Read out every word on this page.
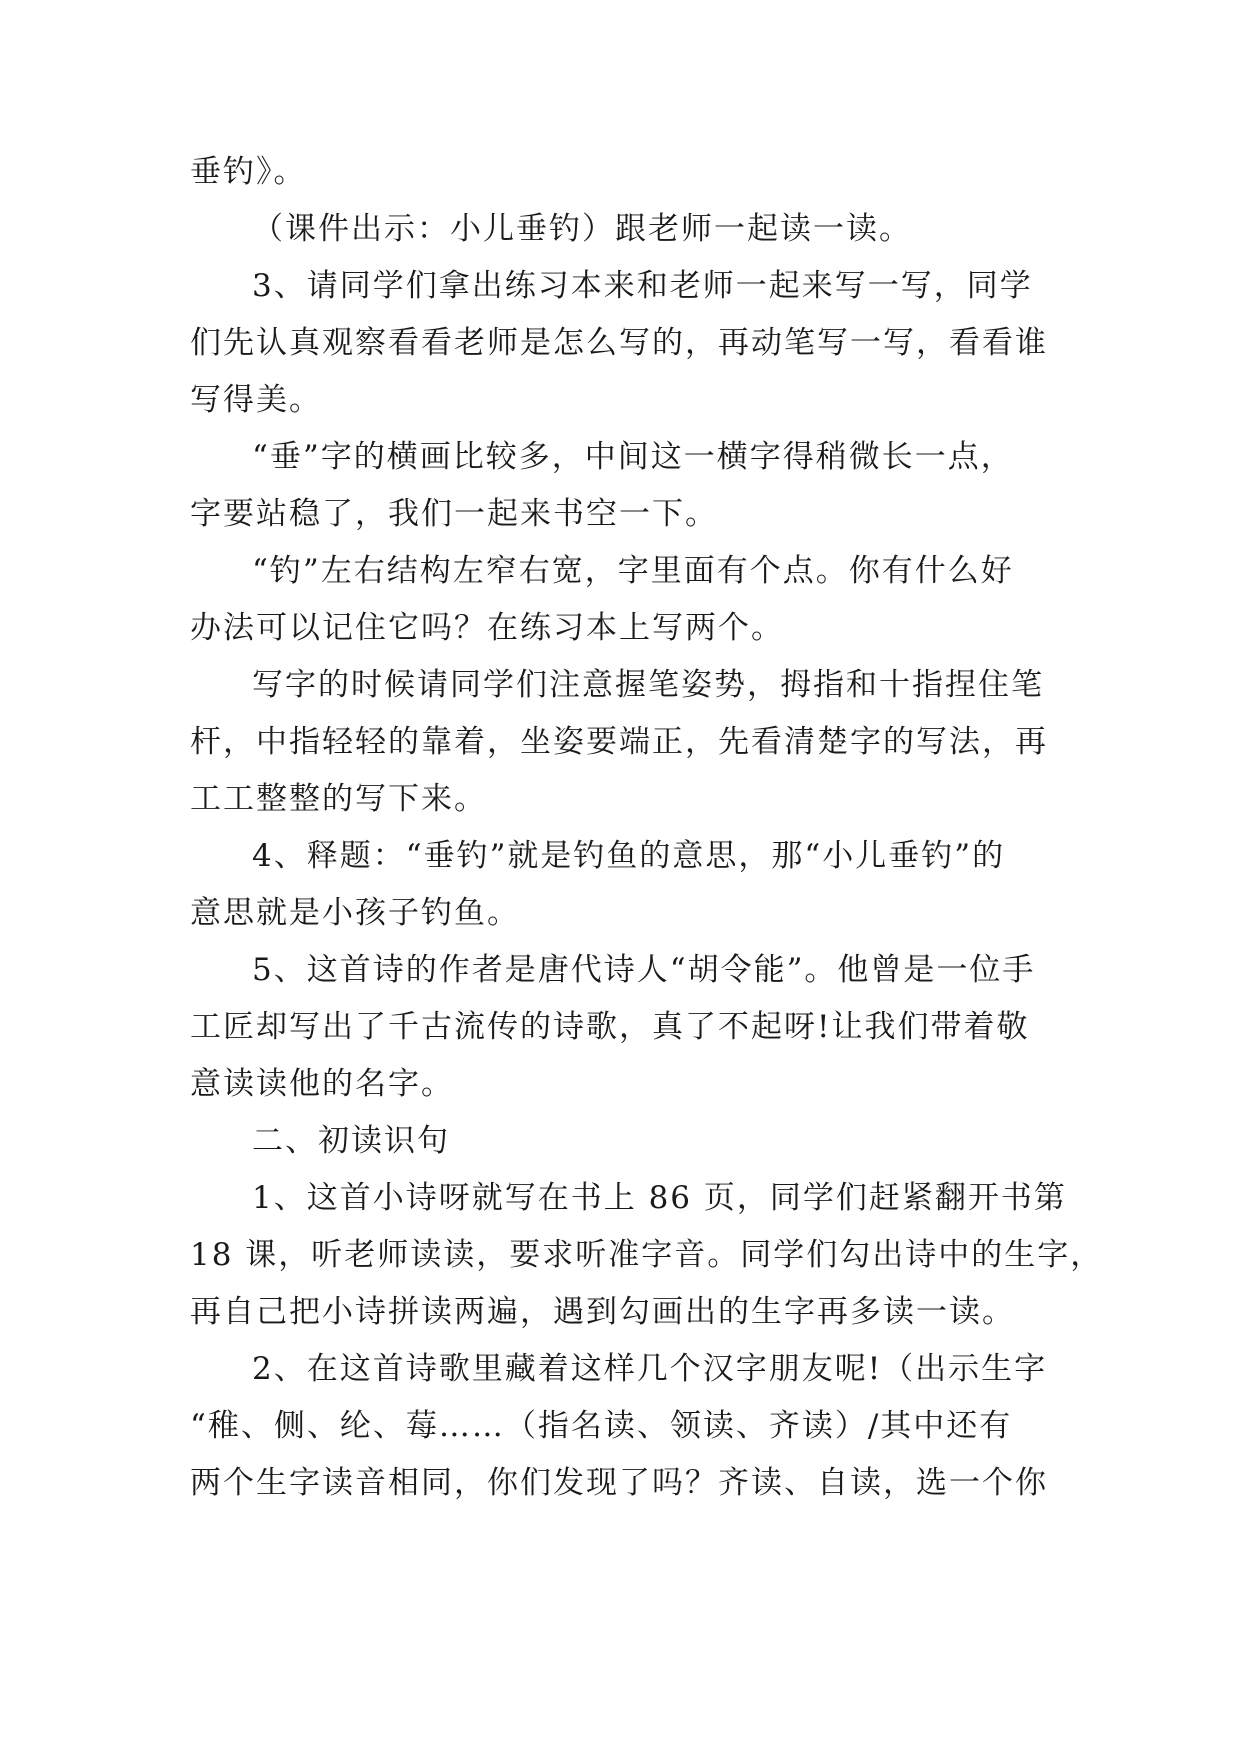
垂钓》。
（课件出示：小儿垂钓）跟老师一起读一读。
3、请同学们拿出练习本来和老师一起来写一写，同学
们先认真观察看看老师是怎么写的，再动笔写一写，看看谁
写得美。
“垂”字的横画比较多，中间这一横字得稍微长一点，
字要站稳了，我们一起来书空一下。
“钓”左右结构左窄右宽，字里面有个点。你有什么好
办法可以记住它吗？在练习本上写两个。
写字的时候请同学们注意握笔姿势，拇指和十指捏住笔
杆，中指轻轻的靠着，坐姿要端正，先看清楚字的写法，再
工工整整的写下来。
4、释题：“垂钓”就是钓鱼的意思，那“小儿垂钓”的
意思就是小孩子钓鱼。
5、这首诗的作者是唐代诗人“胡令能”。他曾是一位手
工匠却写出了千古流传的诗歌，真了不起呀!让我们带着敬
意读读他的名字。
二、初读识句
1、这首小诗呀就写在书上 86 页，同学们赶紧翻开书第
18 课，听老师读读，要求听准字音。同学们勾出诗中的生字，
再自己把小诗拼读两遍，遇到勾画出的生字再多读一读。
2、在这首诗歌里藏着这样几个汉字朋友呢!（出示生字
“稚、侧、纶、莓……（指名读、领读、齐读）/其中还有
两个生字读音相同，你们发现了吗？齐读、自读，选一个你
